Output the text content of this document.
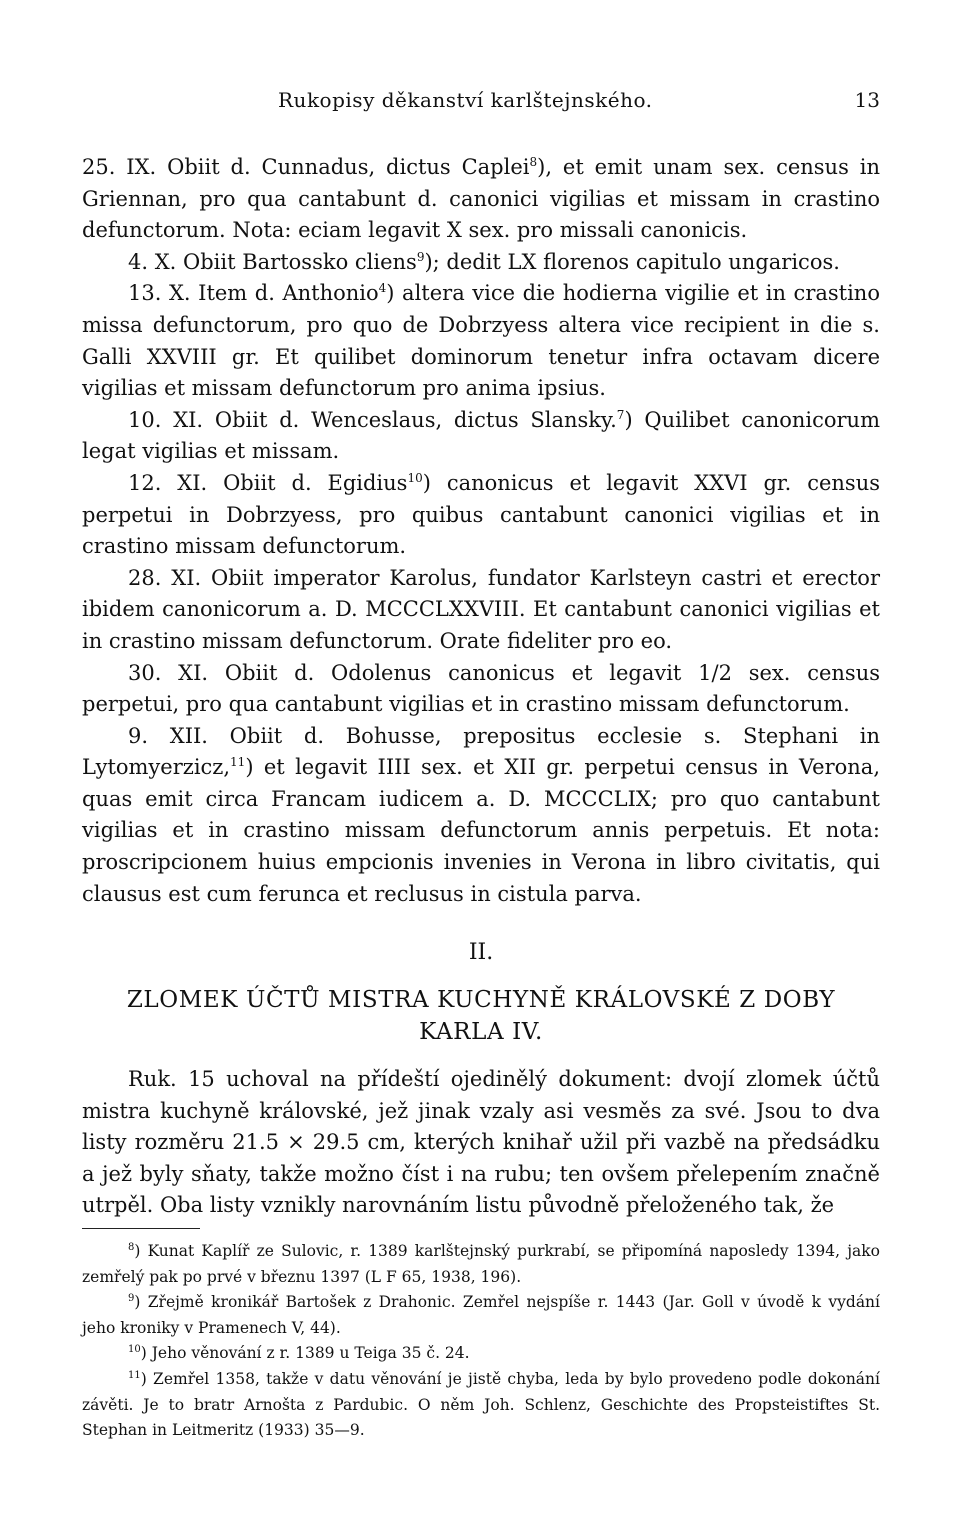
Rukopisy děkanství karlštejnského.	13

25. IX. Obiit d. Cunnadus, dictus Caplei$^8$), et emit unam sex. census in Griennan, pro qua cantabunt d. canonici vigilias et missam in crastino defunctorum. Nota: eciam legavit X sex. pro missali canonicis.

4. X. Obiit Bartossko cliens$^9$); dedit LX florenos capitulo ungaricos.

13. X. Item d. Anthonio$^4$) altera vice die hodierna vigilie et in crastino missa defunctorum, pro quo de Dobrzyess altera vice recipient in die s. Galli XXVIII gr. Et quilibet dominorum tenetur infra octavam dicere vigilias et missam defunctorum pro anima ipsius.

10. XI. Obiit d. Wenceslaus, dictus Slansky.$^7$) Quilibet canonicorum legat vigilias et missam.

12. XI. Obiit d. Egidius$^{10}$) canonicus et legavit XXVI gr. census perpetui in Dobrzyess, pro quibus cantabunt canonici vigilias et in crastino missam defunctorum.

28. XI. Obiit imperator Karolus, fundator Karlsteyn castri et erector ibidem canonicorum a. D. MCCCLXXVIII. Et cantabunt canonici vigilias et in crastino missam defunctorum. Orate fideliter pro eo.

30. XI. Obiit d. Odolenus canonicus et legavit 1/2 sex. census perpetui, pro qua cantabunt vigilias et in crastino missam defunctorum.

9. XII. Obiit d. Bohusse, prepositus ecclesie s. Stephani in Lytomyerzicz,$^{11}$) et legavit IIII sex. et XII gr. perpetui census in Verona, quas emit circa Francam iudicem a. D. MCCCLIX; pro quo cantabunt vigilias et in crastino missam defunctorum annis perpetuis. Et nota: proscripcionem huius empcionis invenies in Verona in libro civitatis, qui clausus est cum ferunca et reclusus in cistula parva.

II.
ZLOMEK ÚČTŮ MISTRA KUCHYNĚ KRÁLOVSKÉ Z DOBY
KARLA IV.

Ruk. 15 uchoval na přídeští ojedinělý dokument: dvojí zlomek účtů mistra kuchyně královské, jež jinak vzaly asi vesměs za své. Jsou to dva listy rozměru 21.5 × 29.5 cm, kterých knihař užil při vazbě na předsádku a jež byly sňaty, takže možno číst i na rubu; ten ovšem přelepením značně utrpěl. Oba listy vznikly narovnáním listu původně přeloženého tak, že

$^8$) Kunat Kaplíř ze Sulovic, r. 1389 karlštejnský purkrabí, se připomíná naposledy 1394, jako zemřelý pak po prvé v březnu 1397 (L F 65, 1938, 196).

$^9$) Zřejmě kronikář Bartošek z Drahonic. Zemřel nejspíše r. 1443 (Jar. Goll v úvodě k vydání jeho kroniky v Pramenech V, 44).

$^{10}$) Jeho věnování z r. 1389 u Teiga 35 č. 24.

$^{11}$) Zemřel 1358, takže v datu věnování je jistě chyba, leda by bylo provedeno podle dokonání závěti. Je to bratr Arnošta z Pardubic. O něm Joh. Schlenz, Geschichte des Propsteistiftes St. Stephan in Leitmeritz (1933) 35—9.
